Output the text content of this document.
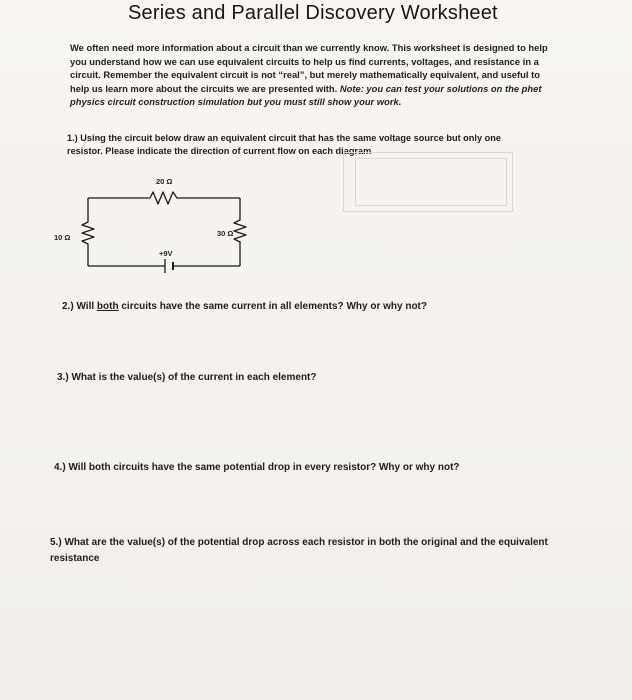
Series and Parallel Discovery Worksheet
We often need more information about a circuit than we currently know. This worksheet is designed to help you understand how we can use equivalent circuits to help us find currents, voltages, and resistance in a circuit. Remember the equivalent circuit is not “real”, but merely mathematically equivalent, and useful to help us learn more about the circuits we are presented with. Note: you can test your solutions on the phet physics circuit construction simulation but you must still show your work.
1.) Using the circuit below draw an equivalent circuit that has the same voltage source but only one resistor. Please indicate the direction of current flow on each diagram
20 Ω
10 Ω	30 Ω
+9V
2.) Will both circuits have the same current in all elements? Why or why not?
3.) What is the value(s) of the current in each element?
4.) Will both circuits have the same potential drop in every resistor? Why or why not?
5.) What are the value(s) of the potential drop across each resistor in both the original and the equivalent resistance
